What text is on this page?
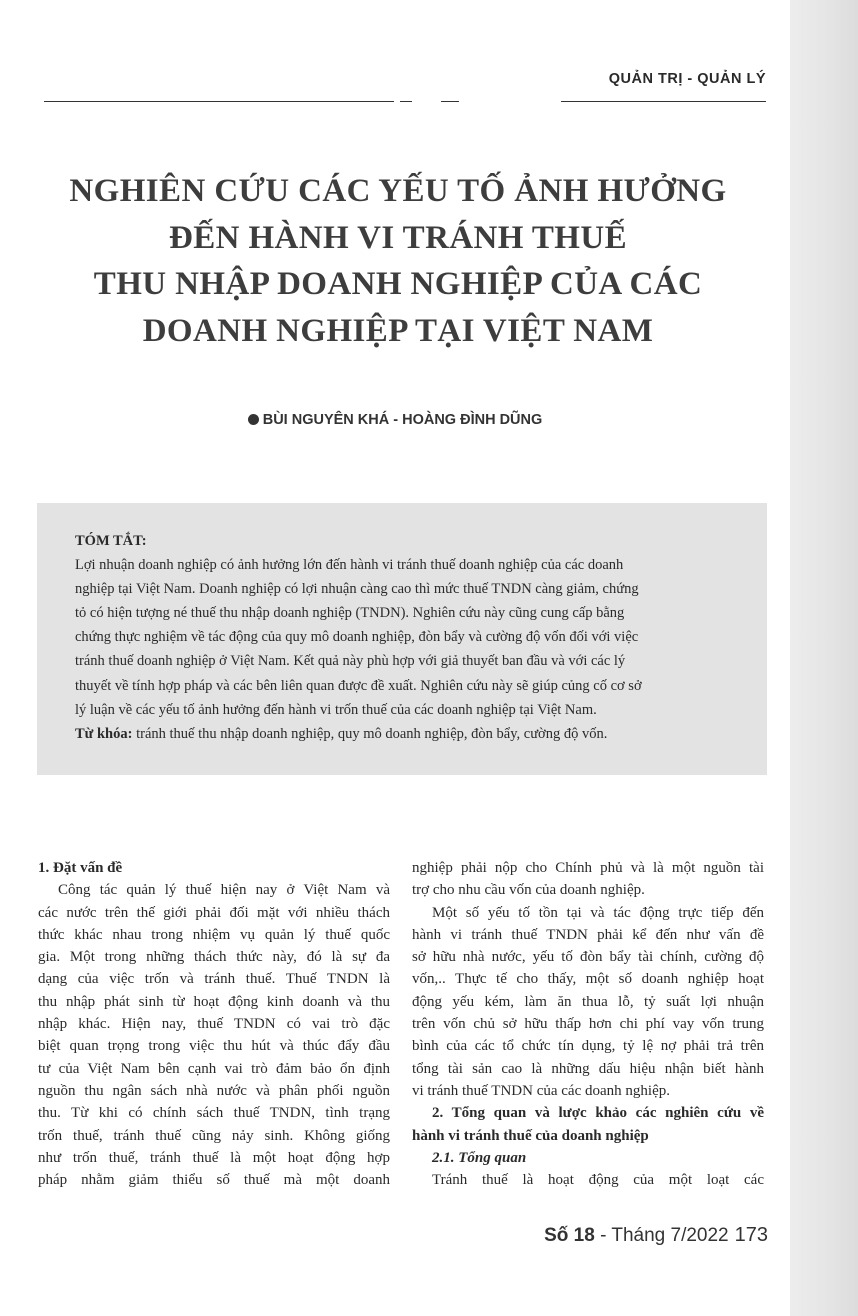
QUẢN TRỊ - QUẢN LÝ
NGHIÊN CỨU CÁC YẾU TỐ ẢNH HƯỞNG
ĐẾN HÀNH VI TRÁNH THUẾ
THU NHẬP DOANH NGHIỆP CỦA CÁC
DOANH NGHIỆP TẠI VIỆT NAM
BÙI NGUYÊN KHÁ - HOÀNG ĐÌNH DŨNG
TÓM TẮT:
Lợi nhuận doanh nghiệp có ảnh hưởng lớn đến hành vi tránh thuế doanh nghiệp của các doanh
nghiệp tại Việt Nam. Doanh nghiệp có lợi nhuận càng cao thì mức thuế TNDN càng giảm, chứng
tỏ có hiện tượng né thuế thu nhập doanh nghiệp (TNDN). Nghiên cứu này cũng cung cấp bằng
chứng thực nghiệm về tác động của quy mô doanh nghiệp, đòn bẩy và cường độ vốn đối với việc
tránh thuế doanh nghiệp ở Việt Nam. Kết quả này phù hợp với giả thuyết ban đầu và với các lý
thuyết về tính hợp pháp và các bên liên quan được đề xuất. Nghiên cứu này sẽ giúp củng cố cơ sở
lý luận về các yếu tố ảnh hưởng đến hành vi trốn thuế của các doanh nghiệp tại Việt Nam.
Từ khóa: tránh thuế thu nhập doanh nghiệp, quy mô doanh nghiệp, đòn bẩy, cường độ vốn.
1. Đặt vấn đề
Công tác quản lý thuế hiện nay ở Việt Nam và
các nước trên thế giới phải đối mặt với nhiều thách
thức khác nhau trong nhiệm vụ quản lý thuế quốc
gia. Một trong những thách thức này, đó là sự đa
dạng của việc trốn và tránh thuế. Thuế TNDN là
thu nhập phát sinh từ hoạt động kinh doanh và thu
nhập khác. Hiện nay, thuế TNDN có vai trò đặc
biệt quan trọng trong việc thu hút và thúc đẩy đầu
tư của Việt Nam bên cạnh vai trò đảm bảo ổn định
nguồn thu ngân sách nhà nước và phân phối nguồn
thu. Từ khi có chính sách thuế TNDN, tình trạng
trốn thuế, tránh thuế cũng nảy sinh. Không giống
như trốn thuế, tránh thuế là một hoạt động hợp
pháp nhằm giảm thiểu số thuế mà một doanh
nghiệp phải nộp cho Chính phủ và là một nguồn tài
trợ cho nhu cầu vốn của doanh nghiệp.
Một số yếu tố tồn tại và tác động trực tiếp đến
hành vi tránh thuế TNDN phải kể đến như vấn đề
sở hữu nhà nước, yếu tố đòn bẩy tài chính, cường độ
vốn,.. Thực tế cho thấy, một số doanh nghiệp hoạt
động yếu kém, làm ăn thua lỗ, tỷ suất lợi nhuận
trên vốn chủ sở hữu thấp hơn chi phí vay vốn trung
bình của các tổ chức tín dụng, tỷ lệ nợ phải trả trên
tổng tài sản cao là những dấu hiệu nhận biết hành
vi tránh thuế TNDN của các doanh nghiệp.
2. Tổng quan và lược khảo các nghiên cứu về
hành vi tránh thuế của doanh nghiệp
2.1. Tổng quan
Tránh thuế là hoạt động của một loạt các
Số 18 - Tháng 7/2022 173
